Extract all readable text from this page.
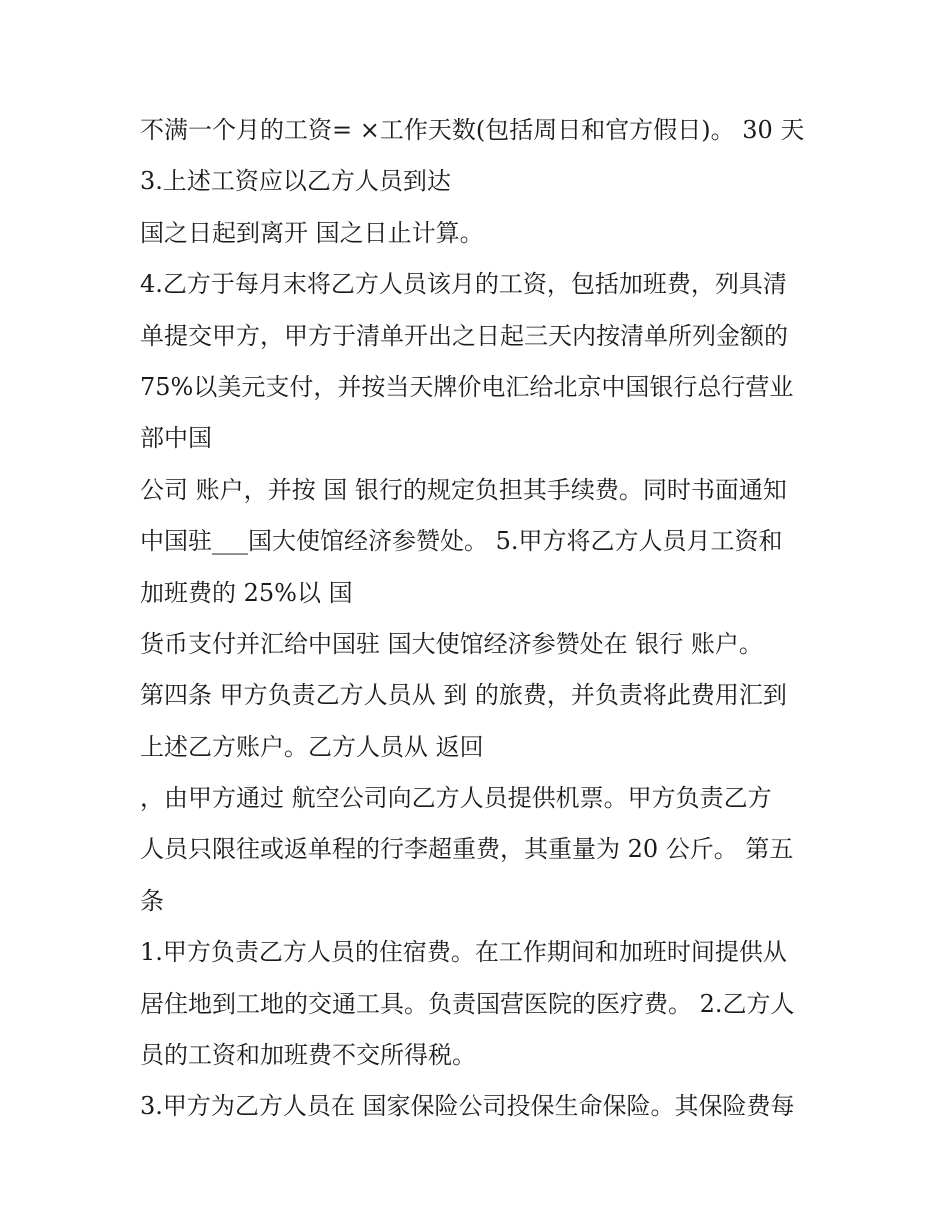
不满一个月的工资= ×工作天数(包括周日和官方假日)。 30 天
3.上述工资应以乙方人员到达
国之日起到离开 国之日止计算。
4.乙方于每月末将乙方人员该月的工资，包括加班费，列具清
单提交甲方，甲方于清单开出之日起三天内按清单所列金额的
75%以美元支付，并按当天牌价电汇给北京中国银行总行营业
部中国
公司 账户，并按 国 银行的规定负担其手续费。同时书面通知
中国驻___国大使馆经济参赞处。 5.甲方将乙方人员月工资和
加班费的 25%以 国
货币支付并汇给中国驻 国大使馆经济参赞处在 银行 账户。
第四条 甲方负责乙方人员从 到 的旅费，并负责将此费用汇到
上述乙方账户。乙方人员从 返回
，由甲方通过 航空公司向乙方人员提供机票。甲方负责乙方
人员只限往或返单程的行李超重费，其重量为 20 公斤。 第五
条
1.甲方负责乙方人员的住宿费。在工作期间和加班时间提供从
居住地到工地的交通工具。负责国营医院的医疗费。 2.乙方人
员的工资和加班费不交所得税。
3.甲方为乙方人员在 国家保险公司投保生命保险。其保险费每
